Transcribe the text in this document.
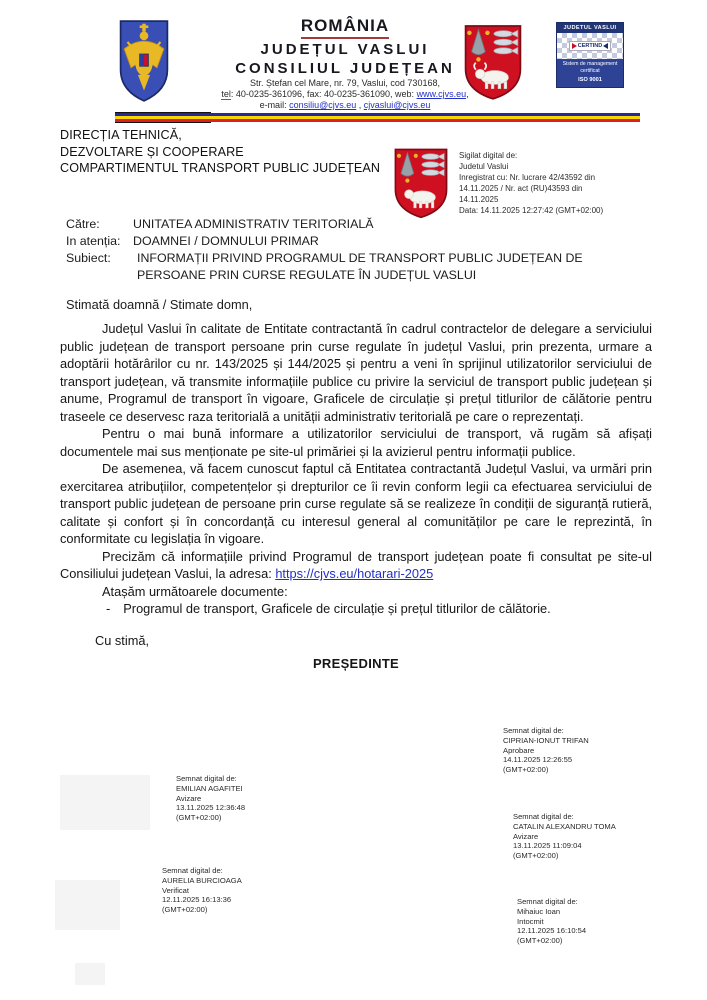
ROMÂNIA
JUDEȚUL VASLUI
CONSILIUL JUDEȚEAN
Str. Ștefan cel Mare, nr. 79, Vaslui, cod 730168,
tel: 40-0235-361096, fax: 40-0235-361090, web: www.cjvs.eu,
e-mail: consiliu@cjvs.eu , cjvaslui@cjvs.eu
JUDETUL VASLUI
CERTIND
Sistem de management
certificat
ISO 9001
DIRECȚIA TEHNICĂ,
DEZVOLTARE ȘI COOPERARE
COMPARTIMENTUL TRANSPORT PUBLIC JUDEȚEAN
Sigilat digital de:
Judetul Vaslui
Inregistrat cu: Nr. lucrare 42/43592 din
14.11.2025 / Nr. act (RU)43593 din
14.11.2025
Data: 14.11.2025 12:27:42 (GMT+02:00)
Către:	UNITATEA ADMINISTRATIV TERITORIALĂ
In atenția:	DOAMNEI / DOMNULUI PRIMAR
Subiect:	INFORMAȚII PRIVIND PROGRAMUL DE TRANSPORT PUBLIC JUDEȚEAN DE PERSOANE PRIN CURSE REGULATE ÎN JUDEȚUL VASLUI
Stimată doamnă / Stimate domn,

Județul Vaslui în calitate de Entitate contractantă în cadrul contractelor de delegare a serviciului public județean de transport persoane prin curse regulate în județul Vaslui, prin prezenta, urmare a adoptării hotărârilor cu nr. 143/2025 și 144/2025 și pentru a veni în sprijinul utilizatorilor serviciului de transport județean, vă transmite informațiile publice cu privire la serviciul de transport public județean și anume, Programul de transport în vigoare, Graficele de circulație și prețul titlurilor de călătorie pentru traseele ce deservesc raza teritorială a unității administrativ teritorială pe care o reprezentați.

Pentru o mai bună informare a utilizatorilor serviciului de transport, vă rugăm să afișați documentele mai sus menționate pe site-ul primăriei și la avizierul pentru informații publice.

De asemenea, vă facem cunoscut faptul că Entitatea contractantă Județul Vaslui, va urmări prin exercitarea atribuțiilor, competențelor și drepturilor ce îi revin conform legii ca efectuarea serviciului de transport public județean de persoane prin curse regulate să se realizeze în condiții de siguranță rutieră, calitate și confort și în concordanță cu interesul general al comunităților pe care le reprezintă, în conformitate cu legislația în vigoare.

Precizăm că informațiile privind Programul de transport județean poate fi consultat pe site-ul Consiliului județean Vaslui, la adresa: https://cjvs.eu/hotarari-2025

Atașăm următoarele documente:

- Programul de transport, Graficele de circulație și prețul titlurilor de călătorie.
Cu stimă,
PREȘEDINTE
Semnat digital de:
EMILIAN AGAFITEI
Avizare
13.11.2025 12:36:48
(GMT+02:00)
Semnat digital de:
AURELIA BURCIOAGA
Verificat
12.11.2025 16:13:36
(GMT+02:00)
Semnat digital de:
CIPRIAN-IONUT TRIFAN
Aprobare
14.11.2025 12:26:55
(GMT+02:00)
Semnat digital de:
CATALIN ALEXANDRU TOMA
Avizare
13.11.2025 11:09:04
(GMT+02:00)
Semnat digital de:
Mihaiuc Ioan
Intocmit
12.11.2025 16:10:54
(GMT+02:00)
